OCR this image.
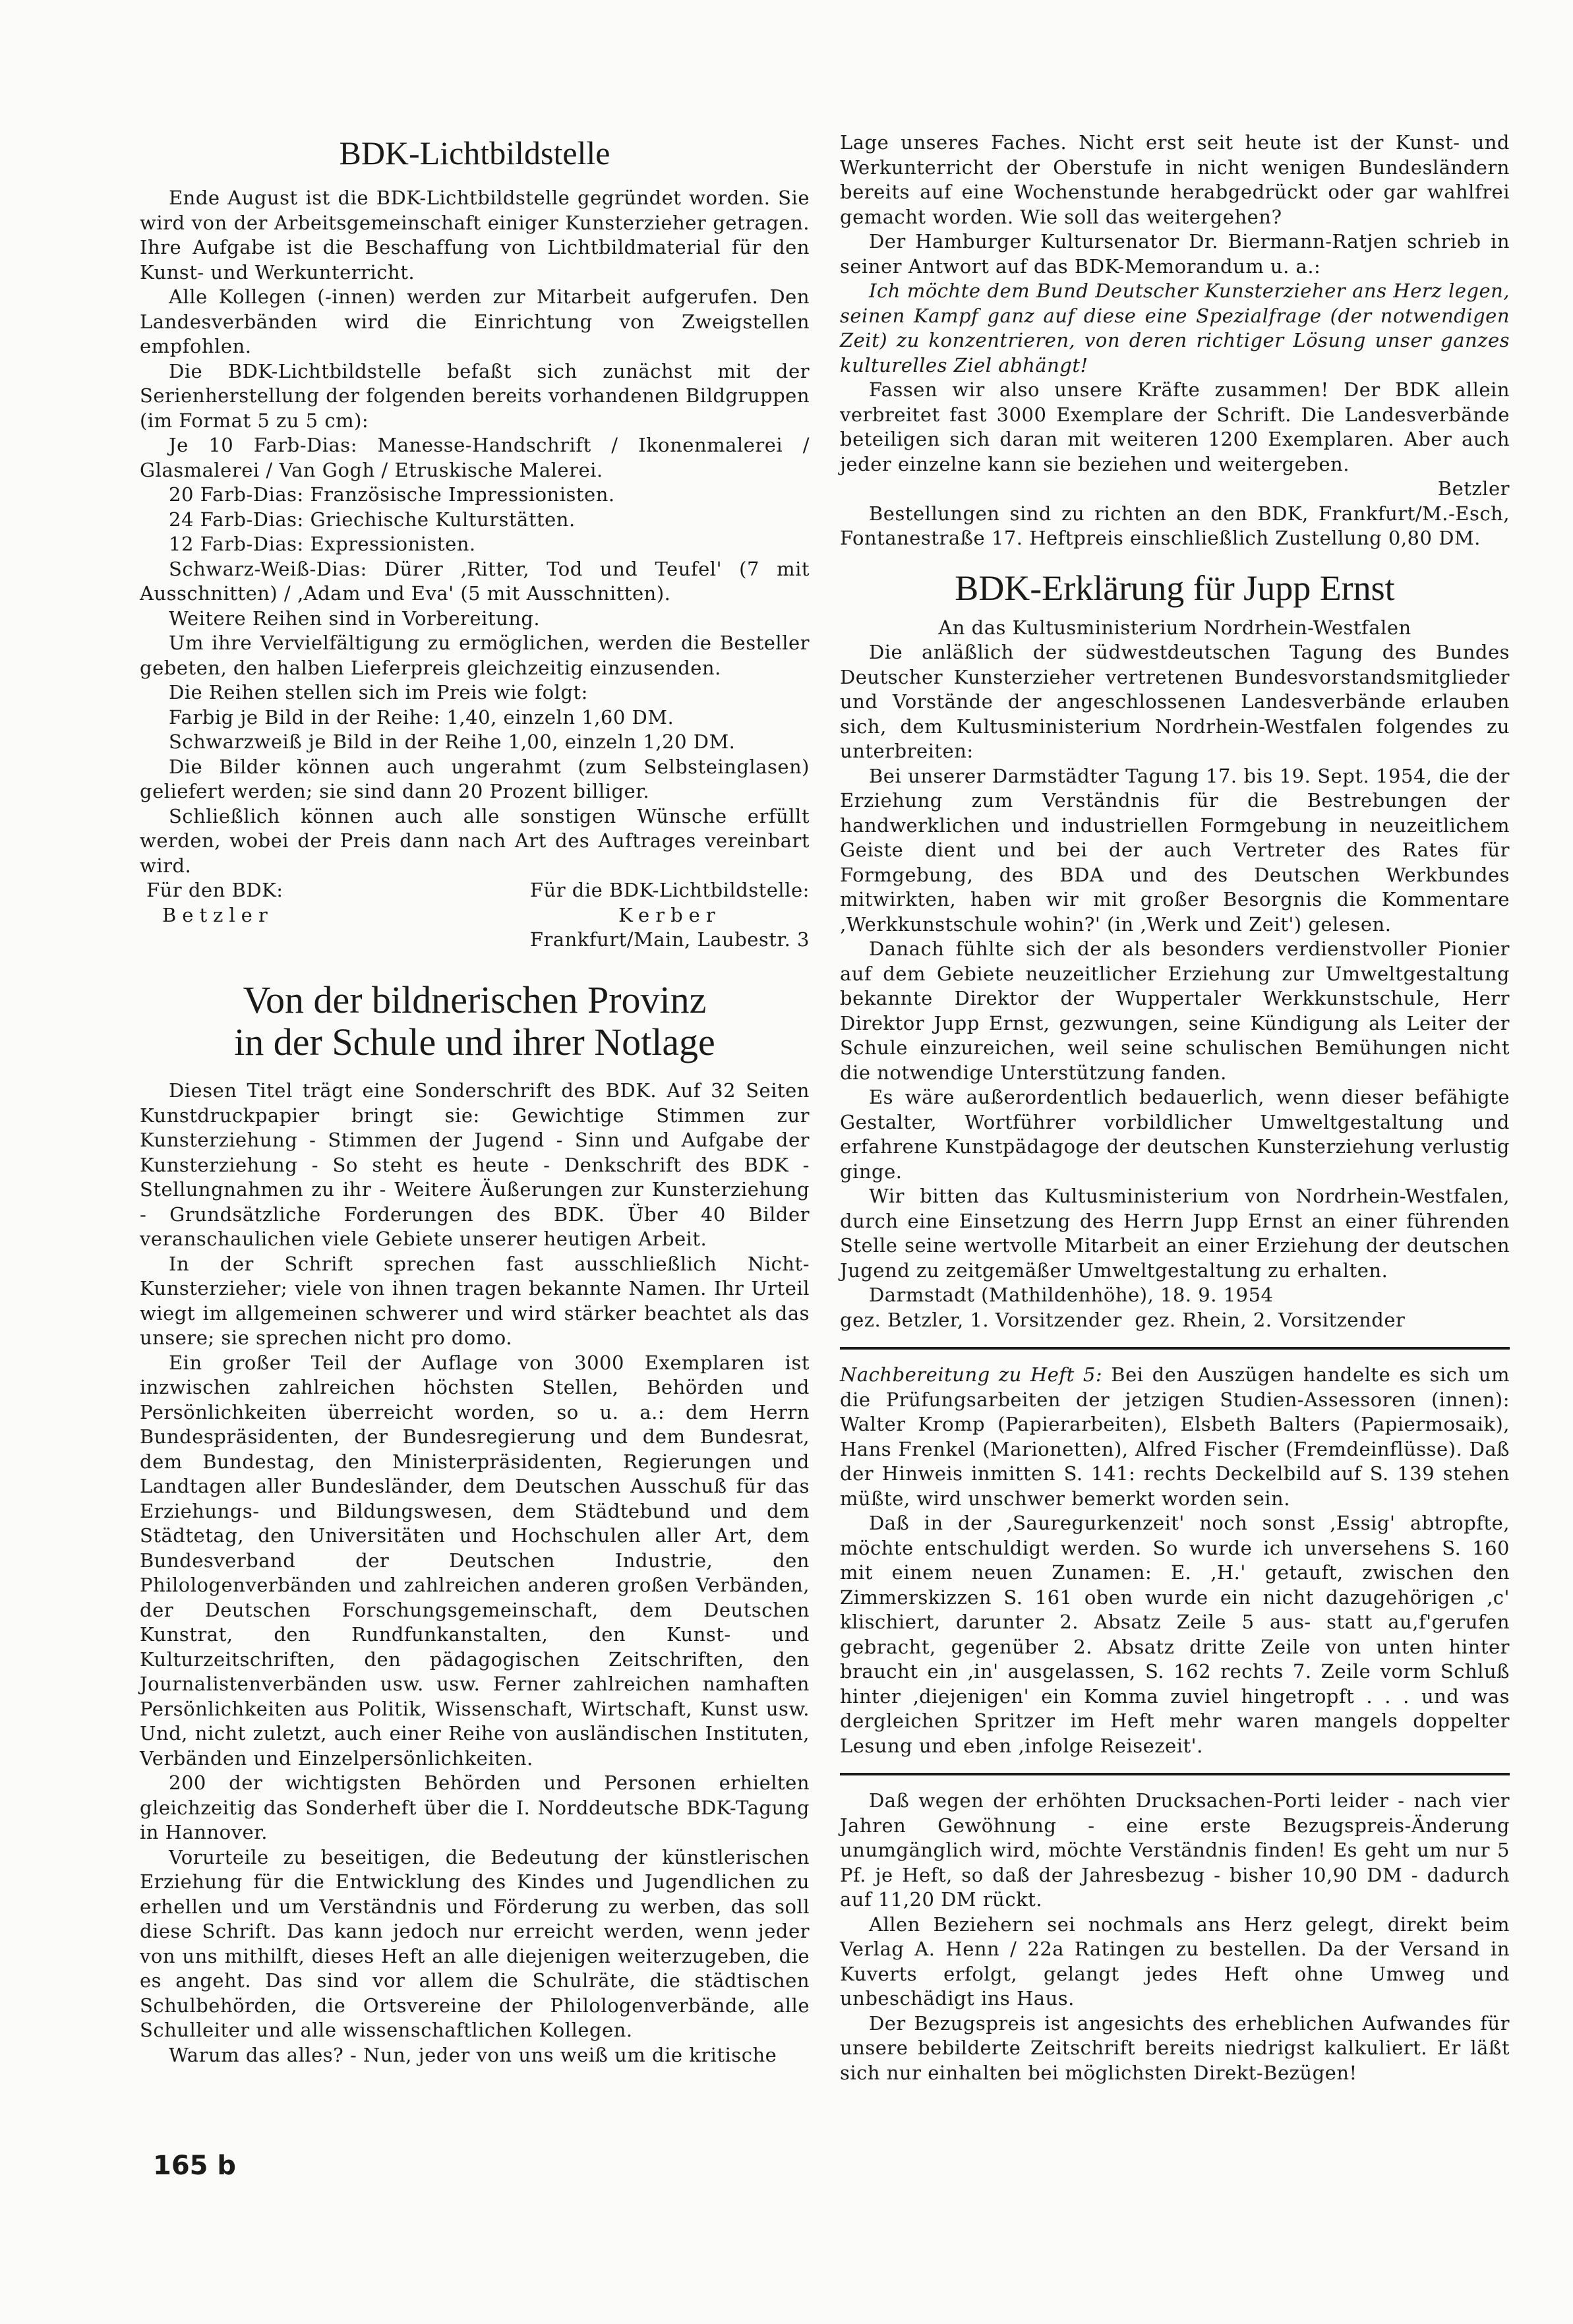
BDK-Lichtbildstelle

Ende August ist die BDK-Lichtbildstelle gegründet worden. Sie wird von der Arbeitsgemeinschaft einiger Kunsterzieher getragen. Ihre Aufgabe ist die Beschaffung von Lichtbildmaterial für den Kunst- und Werkunterricht.

Alle Kollegen (-innen) werden zur Mitarbeit aufgerufen. Den Landesverbänden wird die Einrichtung von Zweigstellen empfohlen.

Die BDK-Lichtbildstelle befaßt sich zunächst mit der Serienherstellung der folgenden bereits vorhandenen Bildgruppen (im Format 5 zu 5 cm):

Je 10 Farb-Dias: Manesse-Handschrift / Ikonenmalerei / Glasmalerei / Van Gogh / Etruskische Malerei.

20 Farb-Dias: Französische Impressionisten.

24 Farb-Dias: Griechische Kulturstätten.

12 Farb-Dias: Expressionisten.

Schwarz-Weiß-Dias: Dürer ‚Ritter, Tod und Teufel' (7 mit Ausschnitten) / ‚Adam und Eva' (5 mit Ausschnitten).

Weitere Reihen sind in Vorbereitung.

Um ihre Vervielfältigung zu ermöglichen, werden die Besteller gebeten, den halben Lieferpreis gleichzeitig einzusenden.

Die Reihen stellen sich im Preis wie folgt:

Farbig je Bild in der Reihe: 1,40, einzeln 1,60 DM.

Schwarzweiß je Bild in der Reihe 1,00, einzeln 1,20 DM.

Die Bilder können auch ungerahmt (zum Selbsteinglasen) geliefert werden; sie sind dann 20 Prozent billiger.

Schließlich können auch alle sonstigen Wünsche erfüllt werden, wobei der Preis dann nach Art des Auftrages vereinbart wird.

Für den BDK:
Betzler
Für die BDK-Lichtbildstelle:
Kerber
Frankfurt/Main, Laubestr. 3
Von der bildnerischen Provinz
in der Schule und ihrer Notlage

Diesen Titel trägt eine Sonderschrift des BDK. Auf 32 Seiten Kunstdruckpapier bringt sie: Gewichtige Stimmen zur Kunsterziehung - Stimmen der Jugend - Sinn und Aufgabe der Kunsterziehung - So steht es heute - Denkschrift des BDK - Stellungnahmen zu ihr - Weitere Äußerungen zur Kunsterziehung - Grundsätzliche Forderungen des BDK. Über 40 Bilder veranschaulichen viele Gebiete unserer heutigen Arbeit.

In der Schrift sprechen fast ausschließlich Nicht-Kunsterzieher; viele von ihnen tragen bekannte Namen. Ihr Urteil wiegt im allgemeinen schwerer und wird stärker beachtet als das unsere; sie sprechen nicht pro domo.

Ein großer Teil der Auflage von 3000 Exemplaren ist inzwischen zahlreichen höchsten Stellen, Behörden und Persönlichkeiten überreicht worden, so u. a.: dem Herrn Bundespräsidenten, der Bundesregierung und dem Bundesrat, dem Bundestag, den Ministerpräsidenten, Regierungen und Landtagen aller Bundesländer, dem Deutschen Ausschuß für das Erziehungs- und Bildungswesen, dem Städtebund und dem Städtetag, den Universitäten und Hochschulen aller Art, dem Bundesverband der Deutschen Industrie, den Philologenverbänden und zahlreichen anderen großen Verbänden, der Deutschen Forschungsgemeinschaft, dem Deutschen Kunstrat, den Rundfunkanstalten, den Kunst- und Kulturzeitschriften, den pädagogischen Zeitschriften, den Journalistenverbänden usw. usw. Ferner zahlreichen namhaften Persönlichkeiten aus Politik, Wissenschaft, Wirtschaft, Kunst usw. Und, nicht zuletzt, auch einer Reihe von ausländischen Instituten, Verbänden und Einzelpersönlichkeiten.

200 der wichtigsten Behörden und Personen erhielten gleichzeitig das Sonderheft über die I. Norddeutsche BDK-Tagung in Hannover.

Vorurteile zu beseitigen, die Bedeutung der künstlerischen Erziehung für die Entwicklung des Kindes und Jugendlichen zu erhellen und um Verständnis und Förderung zu werben, das soll diese Schrift. Das kann jedoch nur erreicht werden, wenn jeder von uns mithilft, dieses Heft an alle diejenigen weiterzugeben, die es angeht. Das sind vor allem die Schulräte, die städtischen Schulbehörden, die Ortsvereine der Philologenverbände, alle Schulleiter und alle wissenschaftlichen Kollegen.

Warum das alles? - Nun, jeder von uns weiß um die kritische

Lage unseres Faches. Nicht erst seit heute ist der Kunst- und Werkunterricht der Oberstufe in nicht wenigen Bundesländern bereits auf eine Wochenstunde herabgedrückt oder gar wahlfrei gemacht worden. Wie soll das weitergehen?

Der Hamburger Kultursenator Dr. Biermann-Ratjen schrieb in seiner Antwort auf das BDK-Memorandum u. a.:

Ich möchte dem Bund Deutscher Kunsterzieher ans Herz legen, seinen Kampf ganz auf diese eine Spezialfrage (der notwendigen Zeit) zu konzentrieren, von deren richtiger Lösung unser ganzes kulturelles Ziel abhängt!

Fassen wir also unsere Kräfte zusammen! Der BDK allein verbreitet fast 3000 Exemplare der Schrift. Die Landesverbände beteiligen sich daran mit weiteren 1200 Exemplaren. Aber auch jeder einzelne kann sie beziehen und weitergeben.

Betzler

Bestellungen sind zu richten an den BDK, Frankfurt/M.-Esch, Fontanestraße 17. Heftpreis einschließlich Zustellung 0,80 DM.

BDK-Erklärung für Jupp Ernst

An das Kultusministerium Nordrhein-Westfalen

Die anläßlich der südwestdeutschen Tagung des Bundes Deutscher Kunsterzieher vertretenen Bundesvorstandsmitglieder und Vorstände der angeschlossenen Landesverbände erlauben sich, dem Kultusministerium Nordrhein-Westfalen folgendes zu unterbreiten:

Bei unserer Darmstädter Tagung 17. bis 19. Sept. 1954, die der Erziehung zum Verständnis für die Bestrebungen der handwerklichen und industriellen Formgebung in neuzeitlichem Geiste dient und bei der auch Vertreter des Rates für Formgebung, des BDA und des Deutschen Werkbundes mitwirkten, haben wir mit großer Besorgnis die Kommentare ‚Werkkunstschule wohin?' (in ‚Werk und Zeit') gelesen.

Danach fühlte sich der als besonders verdienstvoller Pionier auf dem Gebiete neuzeitlicher Erziehung zur Umweltgestaltung bekannte Direktor der Wuppertaler Werkkunstschule, Herr Direktor Jupp Ernst, gezwungen, seine Kündigung als Leiter der Schule einzureichen, weil seine schulischen Bemühungen nicht die notwendige Unterstützung fanden.

Es wäre außerordentlich bedauerlich, wenn dieser befähigte Gestalter, Wortführer vorbildlicher Umweltgestaltung und erfahrene Kunstpädagoge der deutschen Kunsterziehung verlustig ginge.

Wir bitten das Kultusministerium von Nordrhein-Westfalen, durch eine Einsetzung des Herrn Jupp Ernst an einer führenden Stelle seine wertvolle Mitarbeit an einer Erziehung der deutschen Jugend zu zeitgemäßer Umweltgestaltung zu erhalten.

Darmstadt (Mathildenhöhe), 18. 9. 1954

gez. Betzler, 1. Vorsitzender  gez. Rhein, 2. Vorsitzender

Nachbereitung zu Heft 5: Bei den Auszügen handelte es sich um die Prüfungsarbeiten der jetzigen Studien-Assessoren (innen): Walter Kromp (Papierarbeiten), Elsbeth Balters (Papiermosaik), Hans Frenkel (Marionetten), Alfred Fischer (Fremdeinflüsse). Daß der Hinweis inmitten S. 141: rechts Deckelbild auf S. 139 stehen müßte, wird unschwer bemerkt worden sein.

Daß in der ‚Sauregurkenzeit' noch sonst ‚Essig' abtropfte, möchte entschuldigt werden. So wurde ich unversehens S. 160 mit einem neuen Zunamen: E. ‚H.' getauft, zwischen den Zimmerskizzen S. 161 oben wurde ein nicht dazugehörigen ‚c' klischiert, darunter 2. Absatz Zeile 5 aus- statt au,f'gerufen gebracht, gegenüber 2. Absatz dritte Zeile von unten hinter braucht ein ‚in' ausgelassen, S. 162 rechts 7. Zeile vorm Schluß hinter ‚diejenigen' ein Komma zuviel hingetropft . . . und was dergleichen Spritzer im Heft mehr waren mangels doppelter Lesung und eben ‚infolge Reisezeit'.

Daß wegen der erhöhten Drucksachen-Porti leider - nach vier Jahren Gewöhnung - eine erste Bezugspreis-Änderung unumgänglich wird, möchte Verständnis finden! Es geht um nur 5 Pf. je Heft, so daß der Jahresbezug - bisher 10,90 DM - dadurch auf 11,20 DM rückt.

Allen Beziehern sei nochmals ans Herz gelegt, direkt beim Verlag A. Henn / 22a Ratingen zu bestellen. Da der Versand in Kuverts erfolgt, gelangt jedes Heft ohne Umweg und unbeschädigt ins Haus.

Der Bezugspreis ist angesichts des erheblichen Aufwandes für unsere bebilderte Zeitschrift bereits niedrigst kalkuliert. Er läßt sich nur einhalten bei möglichsten Direkt-Bezügen!

165 b
